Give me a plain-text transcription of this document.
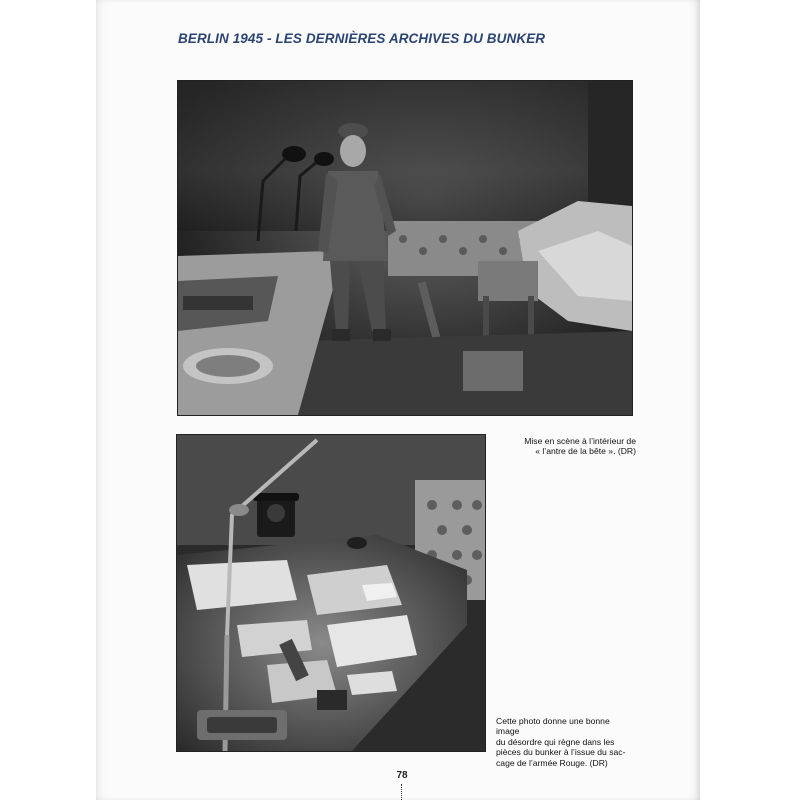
BERLIN 1945 - LES DERNIÈRES ARCHIVES DU BUNKER
Mise en scène à l’intérieur de
« l’antre de la bête ». (DR)
Cette photo donne une bonne image
du désordre qui règne dans les
pièces du bunker à l’issue du sac-
cage de l’armée Rouge. (DR)
78
